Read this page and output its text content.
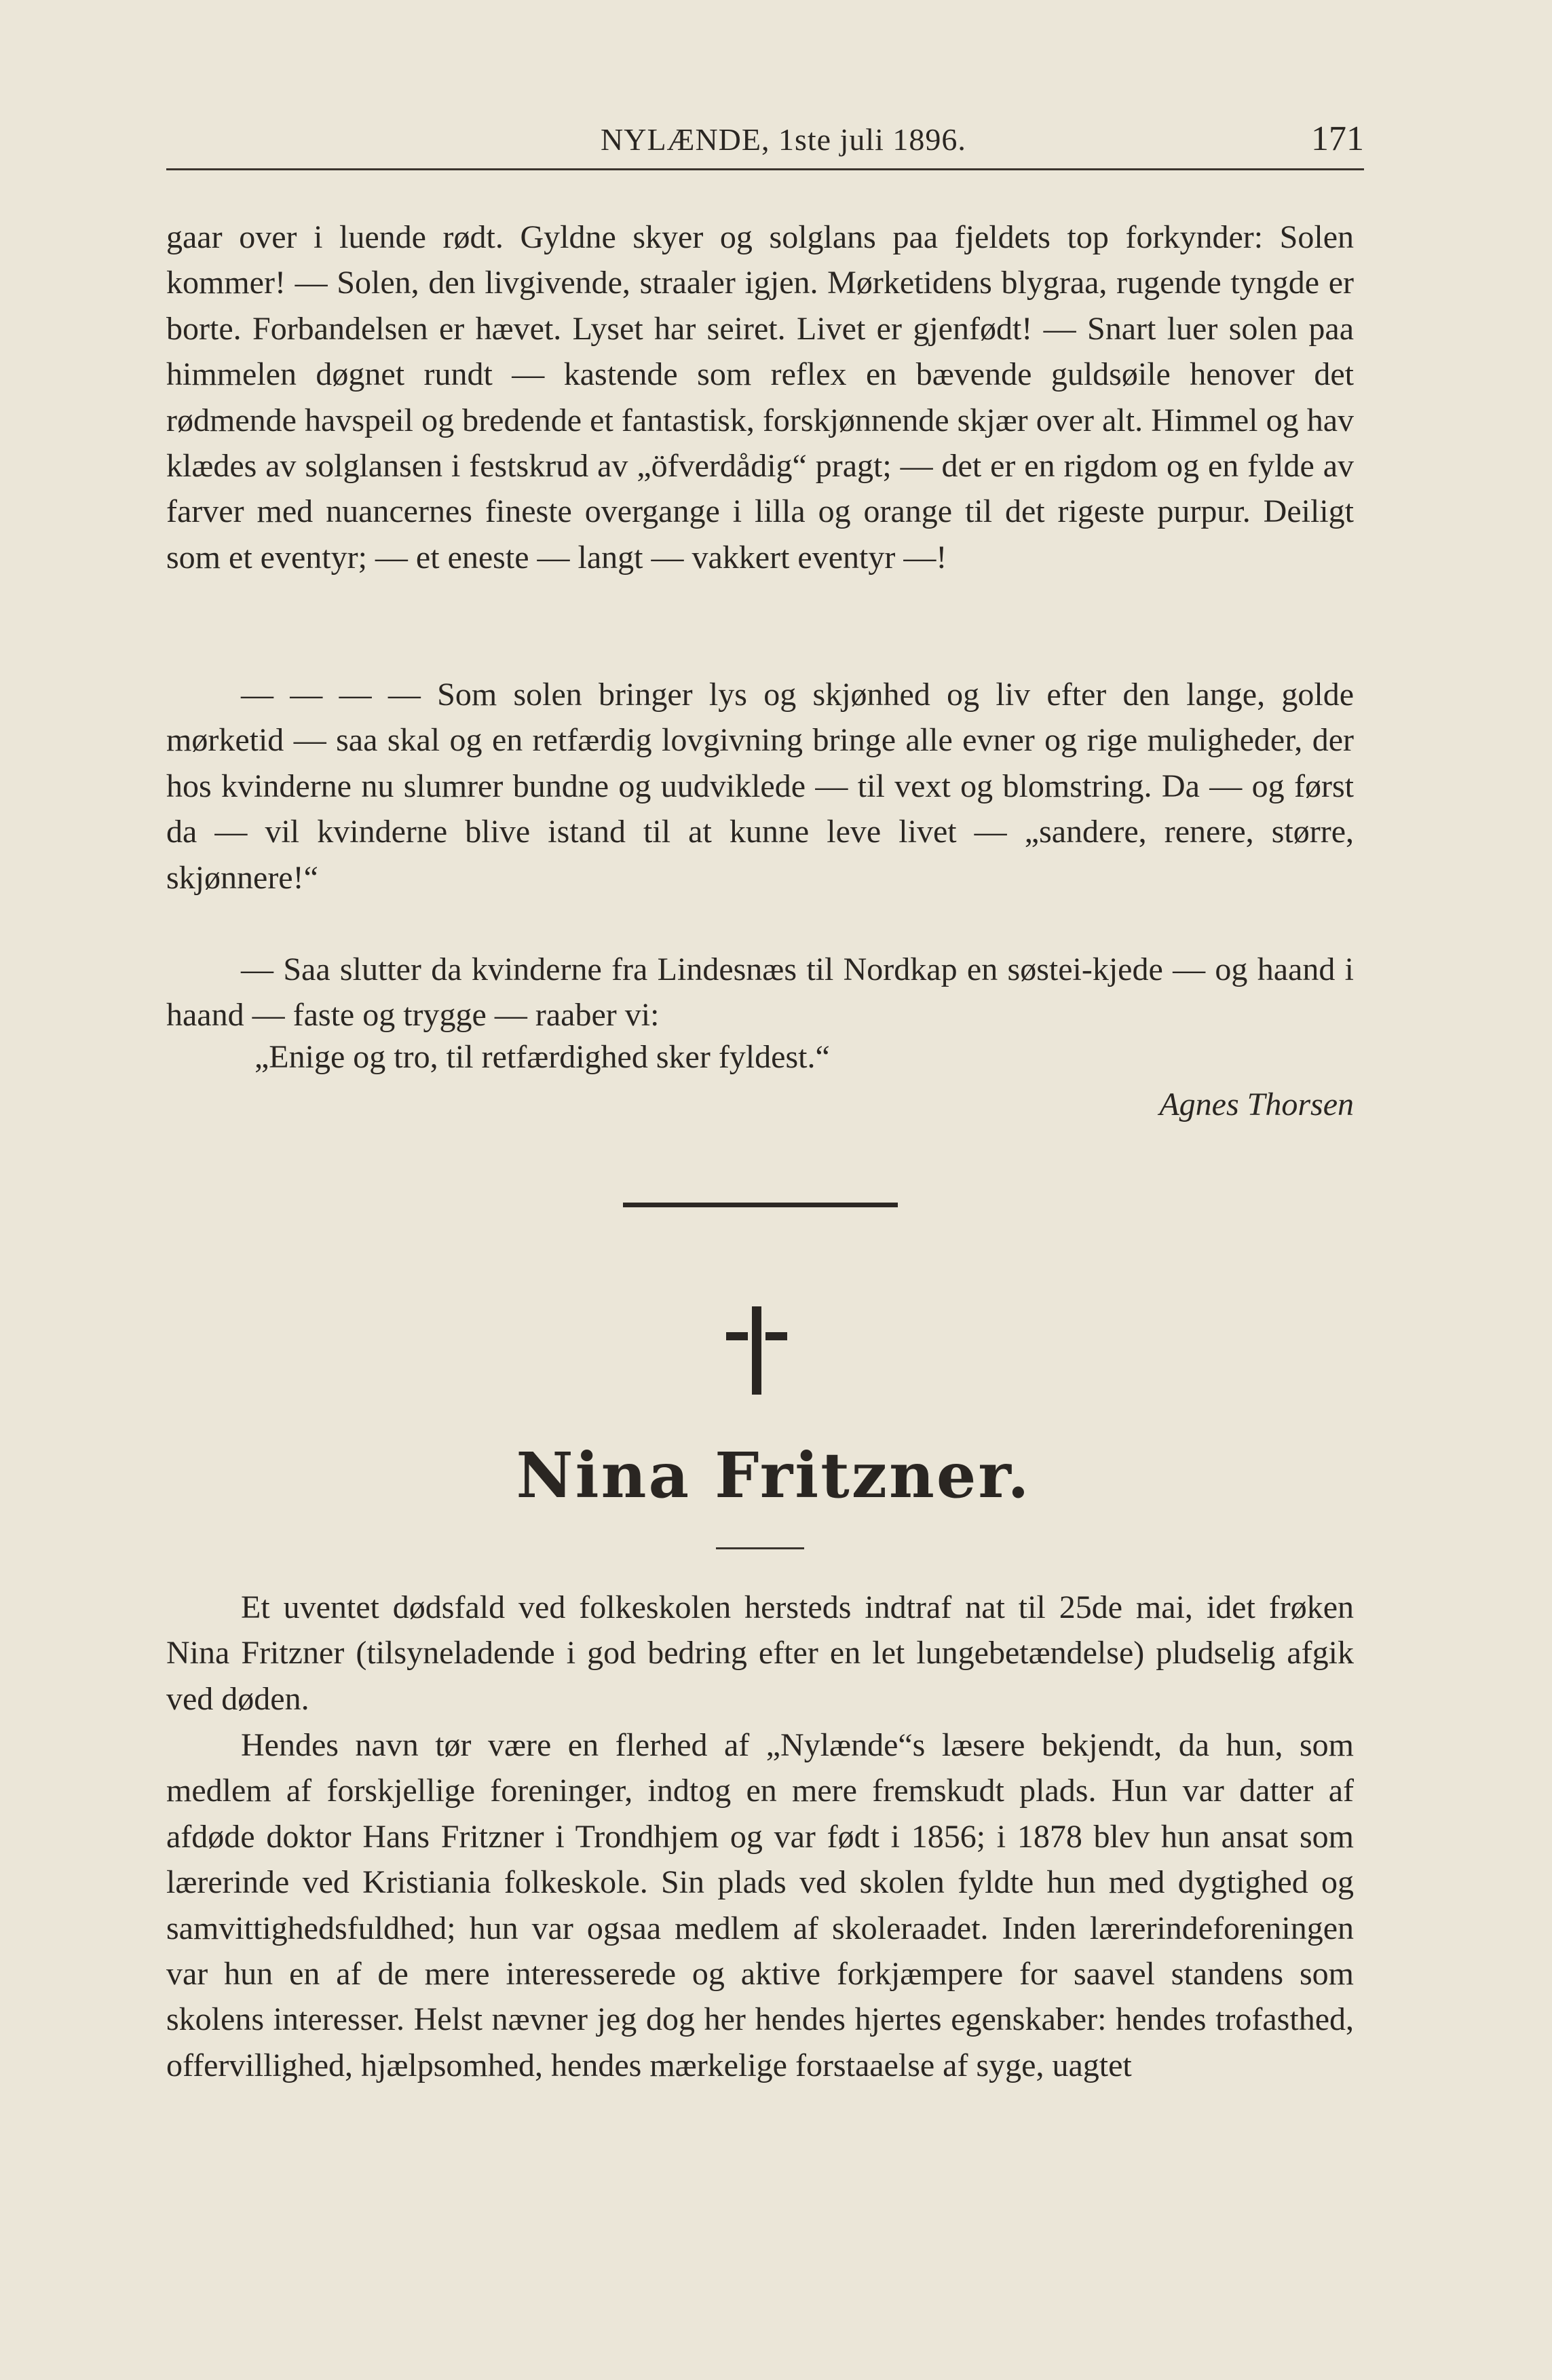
NYLÆNDE, 1ste juli 1896.	171

gaar over i luende rødt. Gyldne skyer og solglans paa fjeldets top forkynder: Solen kommer! — Solen, den livgivende, straaler igjen. Mørketidens blygraa, rugende tyngde er borte. Forbandelsen er hævet. Lyset har seiret. Livet er gjenfødt! — Snart luer solen paa himmelen døgnet rundt — kastende som reflex en bævende guldsøile henover det rødmende havspeil og bredende et fantastisk, forskjønnende skjær over alt. Himmel og hav klædes av solglansen i festskrud av „öfverdådig“ pragt; — det er en rigdom og en fylde av farver med nuancernes fineste overgange i lilla og orange til det rigeste purpur. Deiligt som et eventyr; — et eneste — langt — vakkert eventyr —!

— — — — Som solen bringer lys og skjønhed og liv efter den lange, golde mørketid — saa skal og en retfærdig lovgivning bringe alle evner og rige muligheder, der hos kvinderne nu slumrer bundne og uudviklede — til vext og blomstring. Da — og først da — vil kvinderne blive istand til at kunne leve livet — „sandere, renere, større, skjønnere!“

— Saa slutter da kvinderne fra Lindesnæs til Nordkap en søstei-kjede — og haand i haand — faste og trygge — raaber vi:

„Enige og tro, til retfærdighed sker fyldest.“
Agnes Thorsen
Nina Fritzner.

Et uventet dødsfald ved folkeskolen hersteds indtraf nat til 25de mai, idet frøken Nina Fritzner (tilsyneladende i god bedring efter en let lungebetændelse) pludselig afgik ved døden.

Hendes navn tør være en flerhed af „Nylænde“s læsere bekjendt, da hun, som medlem af forskjellige foreninger, indtog en mere fremskudt plads. Hun var datter af afdøde doktor Hans Fritzner i Trondhjem og var født i 1856; i 1878 blev hun ansat som lærerinde ved Kristiania folkeskole. Sin plads ved skolen fyldte hun med dygtighed og samvittighedsfuldhed; hun var ogsaa medlem af skoleraadet. Inden lærerindeforeningen var hun en af de mere interesserede og aktive forkjæmpere for saavel standens som skolens interesser. Helst nævner jeg dog her hendes hjertes egenskaber: hendes trofasthed, offervillighed, hjælpsomhed, hendes mærkelige forstaaelse af syge, uagtet
